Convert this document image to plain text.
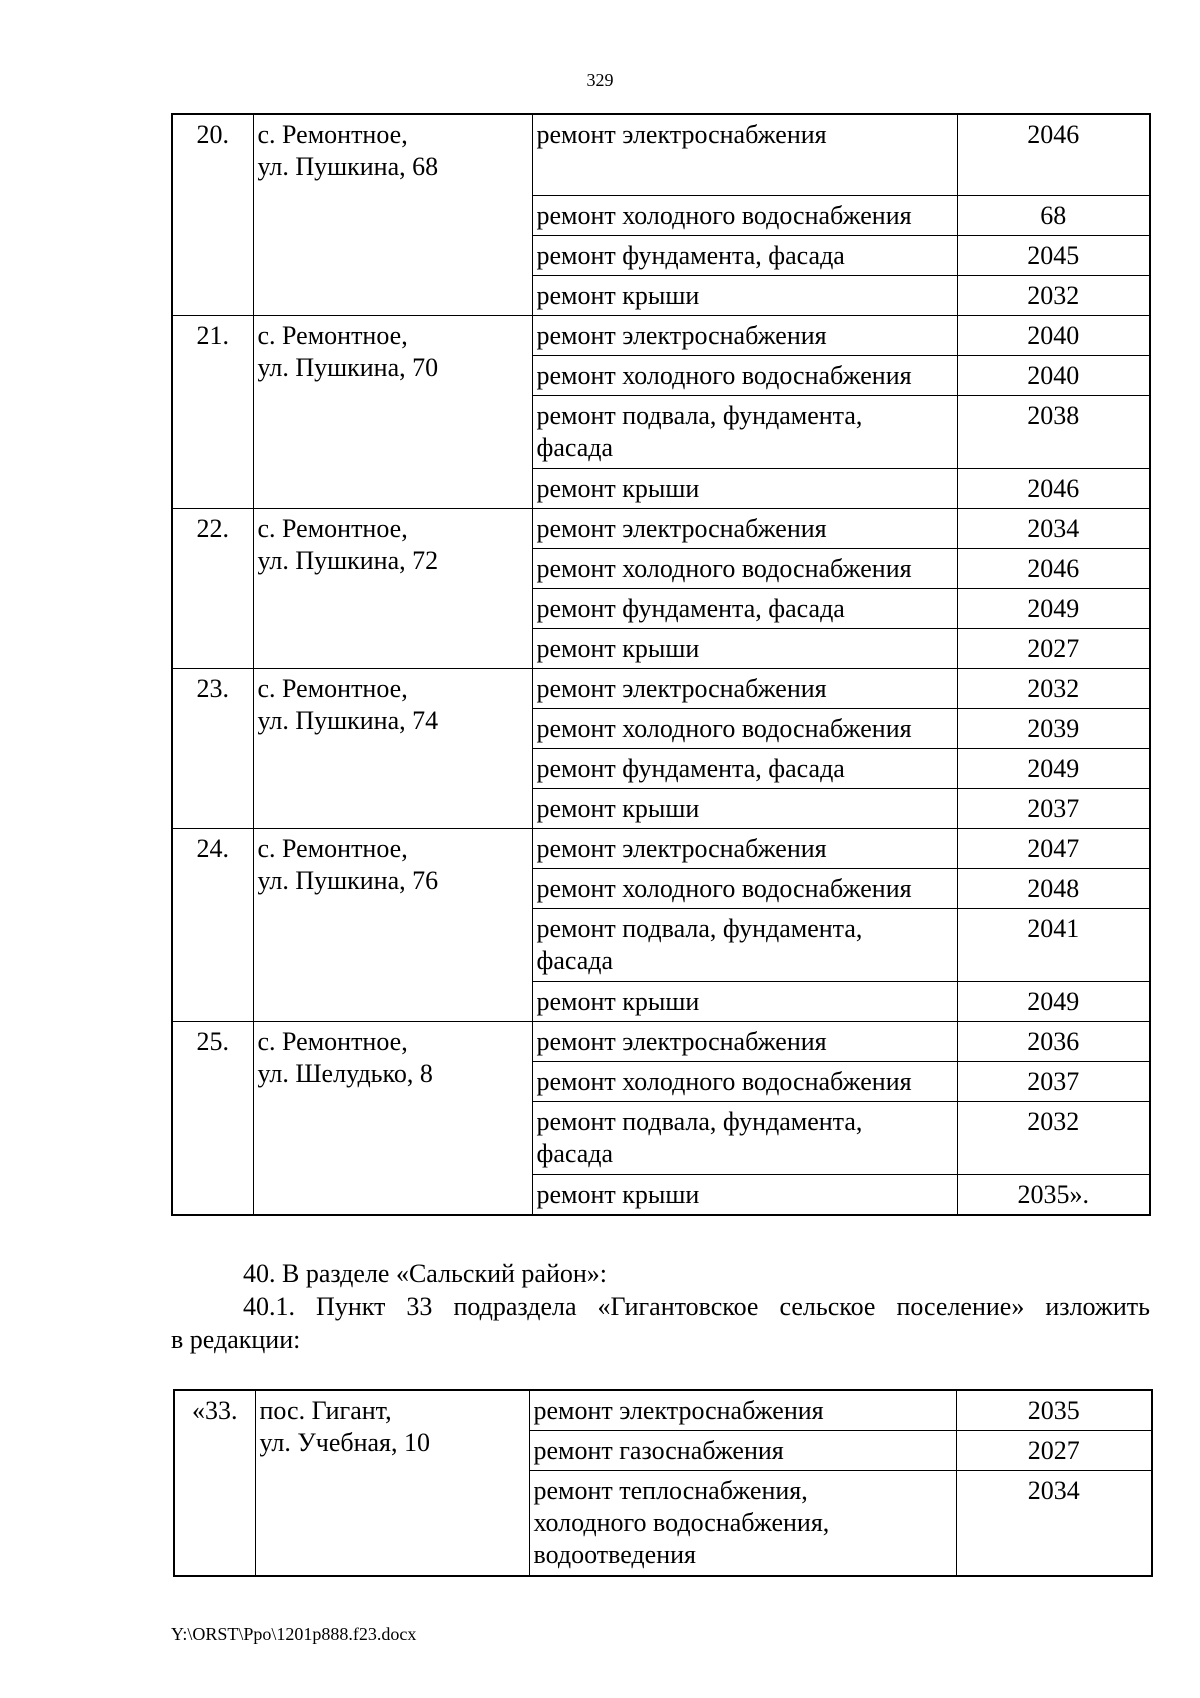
329
20.	с. Ремонтное,
ул. Пушкина, 68	ремонт электроснабжения	2046

		ремонт холодного водоснабжения	68

		ремонт фундамента, фасада	2045

		ремонт крыши	2032

21.	с. Ремонтное,
ул. Пушкина, 70	ремонт электроснабжения	2040

		ремонт холодного водоснабжения	2040

		ремонт подвала, фундамента,
фасада	2038

		ремонт крыши	2046

22.	с. Ремонтное,
ул. Пушкина, 72	ремонт электроснабжения	2034

		ремонт холодного водоснабжения	2046

		ремонт фундамента, фасада	2049

		ремонт крыши	2027

23.	с. Ремонтное,
ул. Пушкина, 74	ремонт электроснабжения	2032

		ремонт холодного водоснабжения	2039

		ремонт фундамента, фасада	2049

		ремонт крыши	2037

24.	с. Ремонтное,
ул. Пушкина, 76	ремонт электроснабжения	2047

		ремонт холодного водоснабжения	2048

		ремонт подвала, фундамента,
фасада	2041

		ремонт крыши	2049

25.	с. Ремонтное,
ул. Шелудько, 8	ремонт электроснабжения	2036

		ремонт холодного водоснабжения	2037

		ремонт подвала, фундамента,
фасада	2032

		ремонт крыши	2035».
40. В разделе «Сальский район»:
40.1. Пункт 33 подраздела «Гигантовское сельское поселение» изложить
в редакции:
«33.	пос. Гигант,
ул. Учебная, 10	ремонт электроснабжения	2035

		ремонт газоснабжения	2027

		ремонт теплоснабжения,
холодного водоснабжения,
водоотведения	2034
Y:\ORST\Ppo\1201p888.f23.docx
